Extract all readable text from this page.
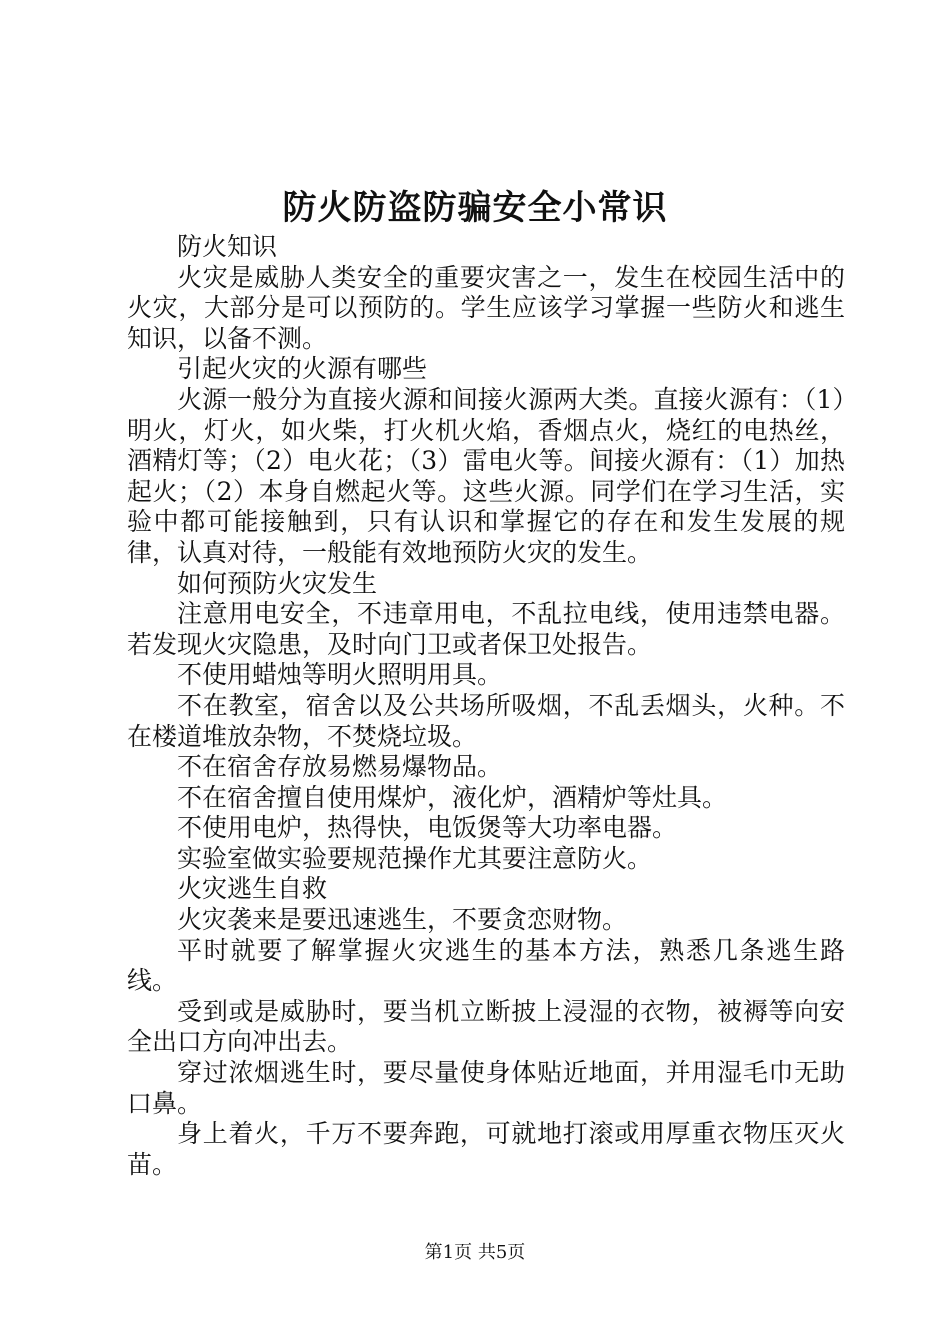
防火防盗防骗安全小常识

防火知识

火灾是威胁人类安全的重要灾害之一，发生在校园生活中的火灾，大部分是可以预防的。学生应该学习掌握一些防火和逃生知识，以备不测。

引起火灾的火源有哪些

火源一般分为直接火源和间接火源两大类。直接火源有：（1）明火，灯火，如火柴，打火机火焰，香烟点火，烧红的电热丝，酒精灯等；（2）电火花；（3）雷电火等。间接火源有：（1）加热起火；（2）本身自燃起火等。这些火源。同学们在学习生活，实验中都可能接触到，只有认识和掌握它的存在和发生发展的规律，认真对待，一般能有效地预防火灾的发生。

如何预防火灾发生

注意用电安全，不违章用电，不乱拉电线，使用违禁电器。若发现火灾隐患，及时向门卫或者保卫处报告。

不使用蜡烛等明火照明用具。

不在教室，宿舍以及公共场所吸烟，不乱丢烟头，火种。不在楼道堆放杂物，不焚烧垃圾。

不在宿舍存放易燃易爆物品。

不在宿舍擅自使用煤炉，液化炉，酒精炉等灶具。

不使用电炉，热得快，电饭煲等大功率电器。

实验室做实验要规范操作尤其要注意防火。

火灾逃生自救

火灾袭来是要迅速逃生，不要贪恋财物。

平时就要了解掌握火灾逃生的基本方法，熟悉几条逃生路线。

受到或是威胁时，要当机立断披上浸湿的衣物，被褥等向安全出口方向冲出去。

穿过浓烟逃生时，要尽量使身体贴近地面，并用湿毛巾无助口鼻。

身上着火，千万不要奔跑，可就地打滚或用厚重衣物压灭火苗。

第1页 共5页
